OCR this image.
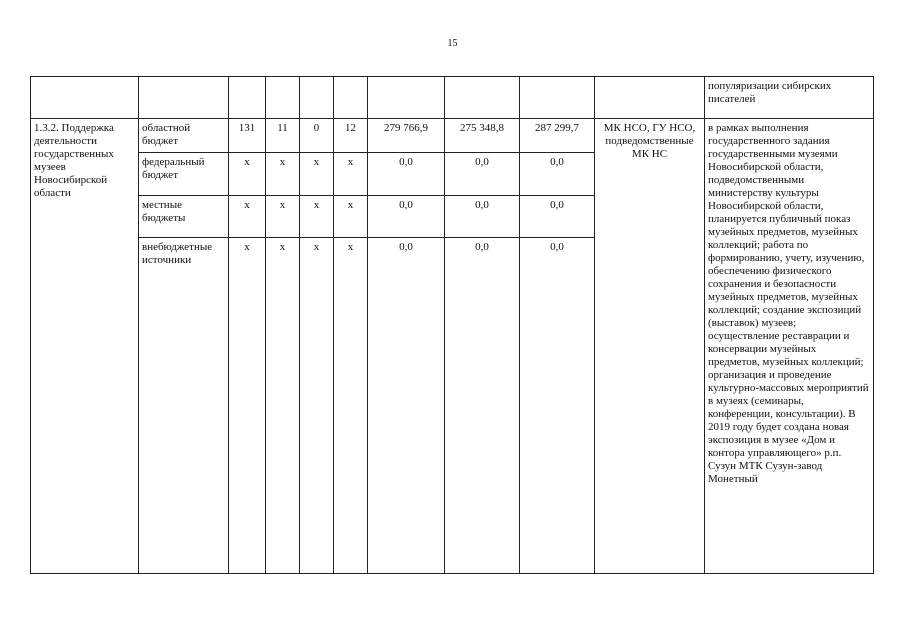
15
										популяризации сибирских писателей
1.3.2. Поддержка деятельности государственных музеев Новосибирской области	областной бюджет	131	11	0	12	279 766,9	275 348,8	287 299,7	МК НСО, ГУ НСО, подведомственные МК НС	в рамках выполнения государственного задания государственными музеями Новосибирской области, подведомственными министерству культуры Новосибирской области, планируется публичный показ музейных предметов, музейных коллекций; работа по формированию, учету, изучению, обеспечению физического сохранения и безопасности музейных предметов, музейных коллекций; создание экспозиций (выставок) музеев; осуществление реставрации и консервации музейных предметов, музейных коллекций; организация и проведение культурно-массовых мероприятий в музеях (семинары, конференции, консультации). В 2019 году будет создана новая экспозиция в музее «Дом и контора управляющего» р.п. Сузун МТК Сузун-завод Монетный
	федеральный бюджет	х	х	х	х	0,0	0,0	0,0		
	местные бюджеты	х	х	х	х	0,0	0,0	0,0		
	внебюджетные источники	х	х	х	х	0,0	0,0	0,0		
